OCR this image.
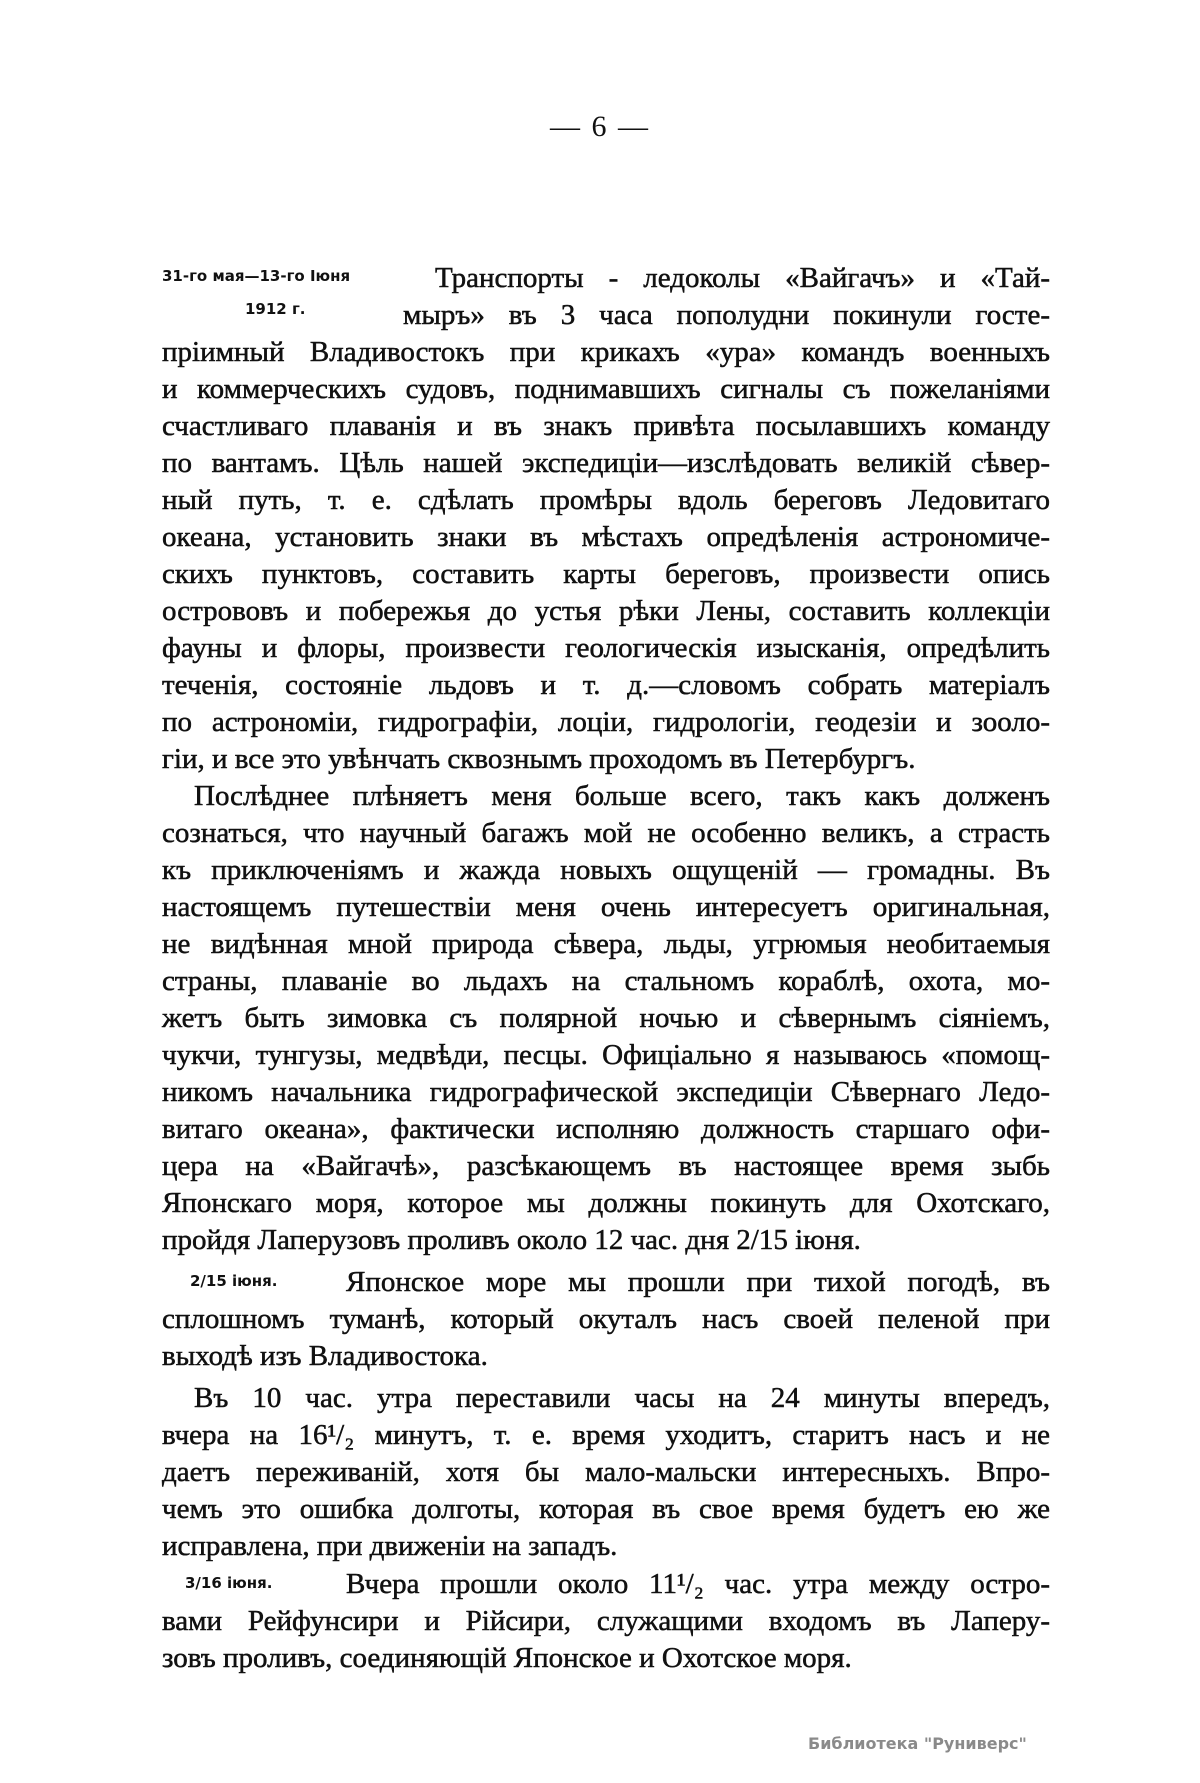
— 6 —
Транспорты - ледоколы «Вайгачъ» и «Тай-
мыръ» въ 3 часа пополудни покинули госте-
пріимный Владивостокъ при крикахъ «ура» командъ военныхъ
и коммерческихъ судовъ, поднимавшихъ сигналы съ пожеланіями
счастливаго плаванія и въ знакъ привѣта посылавшихъ команду
по вантамъ. Цѣль нашей экспедиціи—изслѣдовать великій сѣвер-
ный путь, т. е. сдѣлать промѣры вдоль береговъ Ледовитаго
океана, установить знаки въ мѣстахъ опредѣленія астрономиче-
скихъ пунктовъ, составить карты береговъ, произвести опись
острововъ и побережья до устья рѣки Лены, составить коллекціи
фауны и флоры, произвести геологическія изысканія, опредѣлить
теченія, состояніе льдовъ и т. д.—словомъ собрать матеріалъ
по астрономіи, гидрографіи, лоціи, гидрологіи, геодезіи и зооло-
гіи, и все это увѣнчать сквознымъ проходомъ въ Петербургъ.
Послѣднее плѣняетъ меня больше всего, такъ какъ долженъ
сознаться, что научный багажъ мой не особенно великъ, а страсть
къ приключеніямъ и жажда новыхъ ощущеній — громадны. Въ
настоящемъ путешествіи меня очень интересуетъ оригинальная,
не видѣнная мной природа сѣвера, льды, угрюмыя необитаемыя
страны, плаваніе во льдахъ на стальномъ кораблѣ, охота, мо-
жетъ быть зимовка съ полярной ночью и сѣвернымъ сіяніемъ,
чукчи, тунгузы, медвѣди, песцы. Офиціально я называюсь «помощ-
никомъ начальника гидрографической экспедиціи Сѣвернаго Ледо-
витаго океана», фактически исполняю должность старшаго офи-
цера на «Вайгачѣ», разсѣкающемъ въ настоящее время зыбь
Японскаго моря, которое мы должны покинуть для Охотскаго,
пройдя Лаперузовъ проливъ около 12 час. дня 2/15 іюня.
Японское море мы прошли при тихой погодѣ, въ
сплошномъ туманѣ, который окуталъ насъ своей пеленой при
выходѣ изъ Владивостока.
Въ 10 час. утра переставили часы на 24 минуты впередъ,
вчера на 16¹/₂ минутъ, т. е. время уходитъ, старитъ насъ и не
даетъ переживаній, хотя бы мало-мальски интересныхъ. Впро-
чемъ это ошибка долготы, которая въ свое время будетъ ею же
исправлена, при движеніи на западъ.
Вчера прошли около 11¹/₂ час. утра между остро-
вами Рейфунсири и Рійсири, служащими входомъ въ Лаперу-
зовъ проливъ, соединяющій Японское и Охотское моря.
31-го мая—13-го Іюня
1912 г.
2/15 іюня.
3/16 іюня.
Библиотека "Руниверс"
